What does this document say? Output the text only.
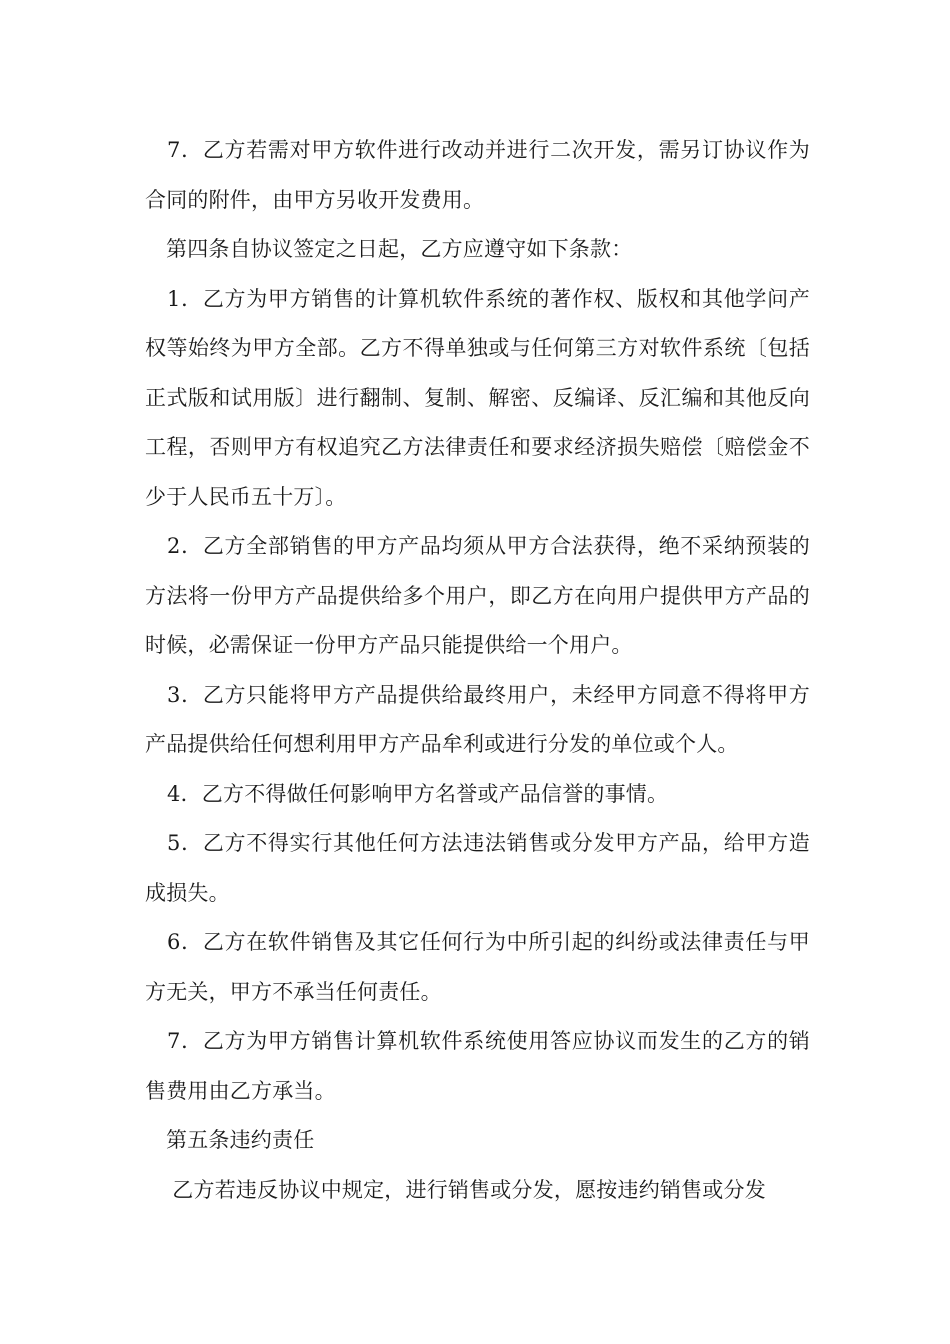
7．乙方若需对甲方软件进行改动并进行二次开发，需另订协议作为合同的附件，由甲方另收开发费用。

第四条自协议签定之日起，乙方应遵守如下条款：

1．乙方为甲方销售的计算机软件系统的著作权、版权和其他学问产权等始终为甲方全部。乙方不得单独或与任何第三方对软件系统〔包括正式版和试用版〕进行翻制、复制、解密、反编译、反汇编和其他反向工程，否则甲方有权追究乙方法律责任和要求经济损失赔偿〔赔偿金不少于人民币五十万〕。

2．乙方全部销售的甲方产品均须从甲方合法获得，绝不采纳预装的方法将一份甲方产品提供给多个用户，即乙方在向用户提供甲方产品的时候，必需保证一份甲方产品只能提供给一个用户。

3．乙方只能将甲方产品提供给最终用户，未经甲方同意不得将甲方产品提供给任何想利用甲方产品牟利或进行分发的单位或个人。

4．乙方不得做任何影响甲方名誉或产品信誉的事情。

5．乙方不得实行其他任何方法违法销售或分发甲方产品，给甲方造成损失。

6．乙方在软件销售及其它任何行为中所引起的纠纷或法律责任与甲方无关，甲方不承当任何责任。

7．乙方为甲方销售计算机软件系统使用答应协议而发生的乙方的销售费用由乙方承当。

第五条违约责任

乙方若违反协议中规定，进行销售或分发，愿按违约销售或分发
